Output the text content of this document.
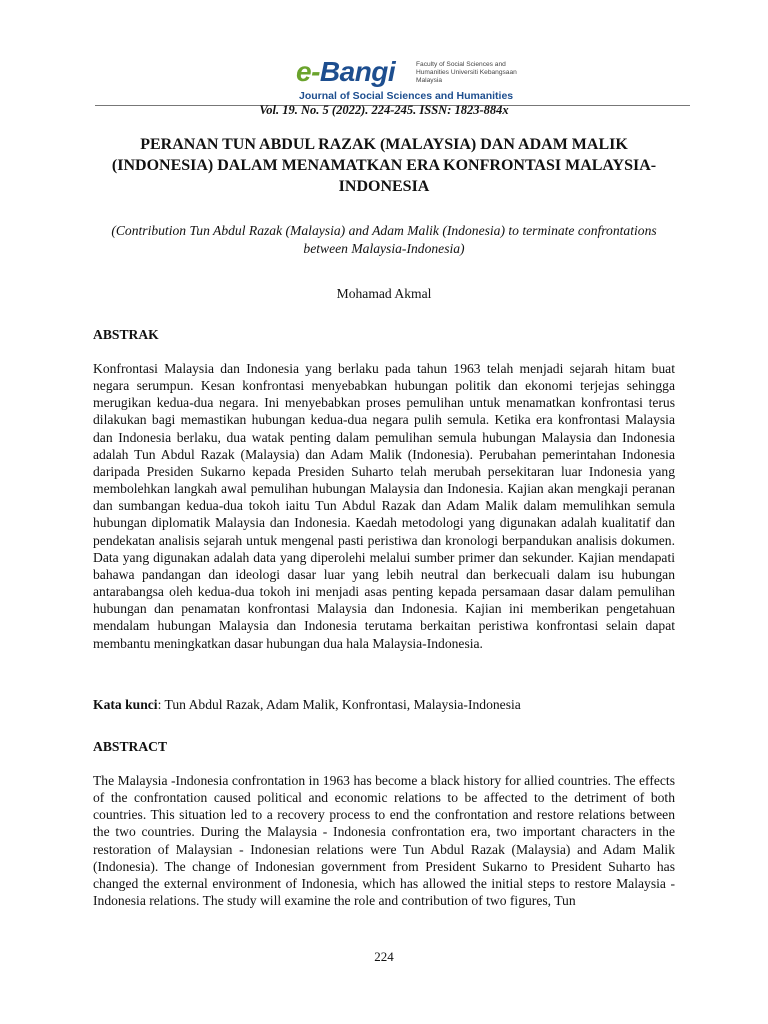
e-Bangi	Faculty of Social Sciences and Humanities Universiti Kebangsaan Malaysia
Journal of Social Sciences and Humanities
Vol. 19. No. 5 (2022). 224-245. ISSN: 1823-884x
PERANAN TUN ABDUL RAZAK (MALAYSIA) DAN ADAM MALIK (INDONESIA) DALAM MENAMATKAN ERA KONFRONTASI MALAYSIA-INDONESIA
(Contribution Tun Abdul Razak (Malaysia) and Adam Malik (Indonesia) to terminate confrontations between Malaysia-Indonesia)
Mohamad Akmal
ABSTRAK

Konfrontasi Malaysia dan Indonesia yang berlaku pada tahun 1963 telah menjadi sejarah hitam buat negara serumpun. Kesan konfrontasi menyebabkan hubungan politik dan ekonomi terjejas sehingga merugikan kedua-dua negara. Ini menyebabkan proses pemulihan untuk menamatkan konfrontasi terus dilakukan bagi memastikan hubungan kedua-dua negara pulih semula. Ketika era konfrontasi Malaysia dan Indonesia berlaku, dua watak penting dalam pemulihan semula hubungan Malaysia dan Indonesia adalah Tun Abdul Razak (Malaysia) dan Adam Malik (Indonesia). Perubahan pemerintahan Indonesia daripada Presiden Sukarno kepada Presiden Suharto telah merubah persekitaran luar Indonesia yang membolehkan langkah awal pemulihan hubungan Malaysia dan Indonesia. Kajian akan mengkaji peranan dan sumbangan kedua-dua tokoh iaitu Tun Abdul Razak dan Adam Malik dalam memulihkan semula hubungan diplomatik Malaysia dan Indonesia. Kaedah metodologi yang digunakan adalah kualitatif dan pendekatan analisis sejarah untuk mengenal pasti peristiwa dan kronologi berpandukan analisis dokumen. Data yang digunakan adalah data yang diperolehi melalui sumber primer dan sekunder. Kajian mendapati bahawa pandangan dan ideologi dasar luar yang lebih neutral dan berkecuali dalam isu hubungan antarabangsa oleh kedua-dua tokoh ini menjadi asas penting kepada persamaan dasar dalam pemulihan hubungan dan penamatan konfrontasi Malaysia dan Indonesia. Kajian ini memberikan pengetahuan mendalam hubungan Malaysia dan Indonesia terutama berkaitan peristiwa konfrontasi selain dapat membantu meningkatkan dasar hubungan dua hala Malaysia-Indonesia.

Kata kunci: Tun Abdul Razak, Adam Malik, Konfrontasi, Malaysia-Indonesia
ABSTRACT

The Malaysia -Indonesia confrontation in 1963 has become a black history for allied countries. The effects of the confrontation caused political and economic relations to be affected to the detriment of both countries. This situation led to a recovery process to end the confrontation and restore relations between the two countries. During the Malaysia - Indonesia confrontation era, two important characters in the restoration of Malaysian - Indonesian relations were Tun Abdul Razak (Malaysia) and Adam Malik (Indonesia). The change of Indonesian government from President Sukarno to President Suharto has changed the external environment of Indonesia, which has allowed the initial steps to restore Malaysia -Indonesia relations. The study will examine the role and contribution of two figures, Tun

224
